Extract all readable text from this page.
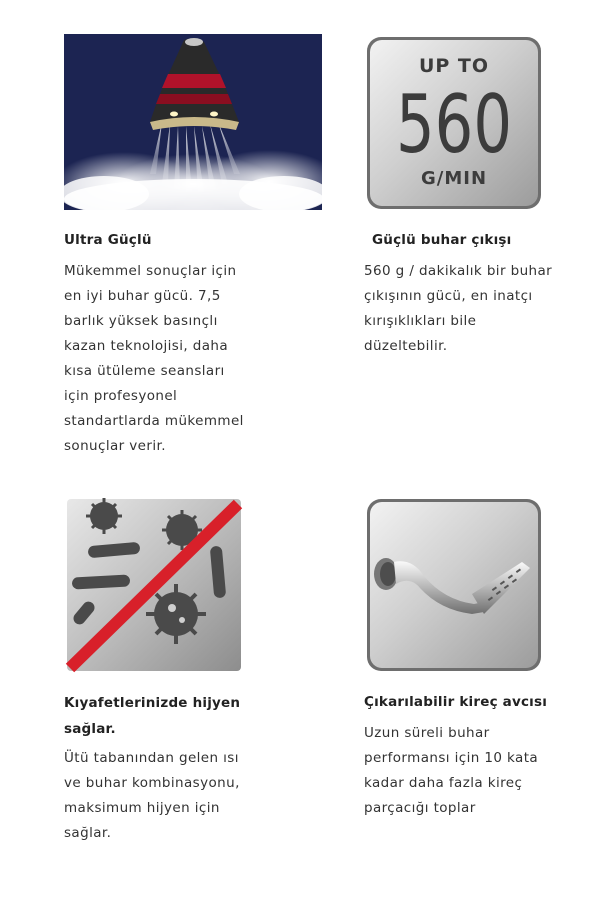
Ultra Güçlü
Mükemmel sonuçlar için
en iyi buhar gücü. 7,5
barlık yüksek basınçlı
kazan teknolojisi, daha
kısa ütüleme seansları
için profesyonel
standartlarda mükemmel
sonuçlar verir.
UP TO
560
G/MIN
Güçlü buhar çıkışı
560 g / dakikalık bir buhar
çıkışının gücü, en inatçı
kırışıklıkları bile
düzeltebilir.
Kıyafetlerinizde hijyen
sağlar.
Ütü tabanından gelen ısı
ve buhar kombinasyonu,
maksimum hijyen için
sağlar.
Çıkarılabilir kireç avcısı
Uzun süreli buhar
performansı için 10 kata
kadar daha fazla kireç
parçacığı toplar
